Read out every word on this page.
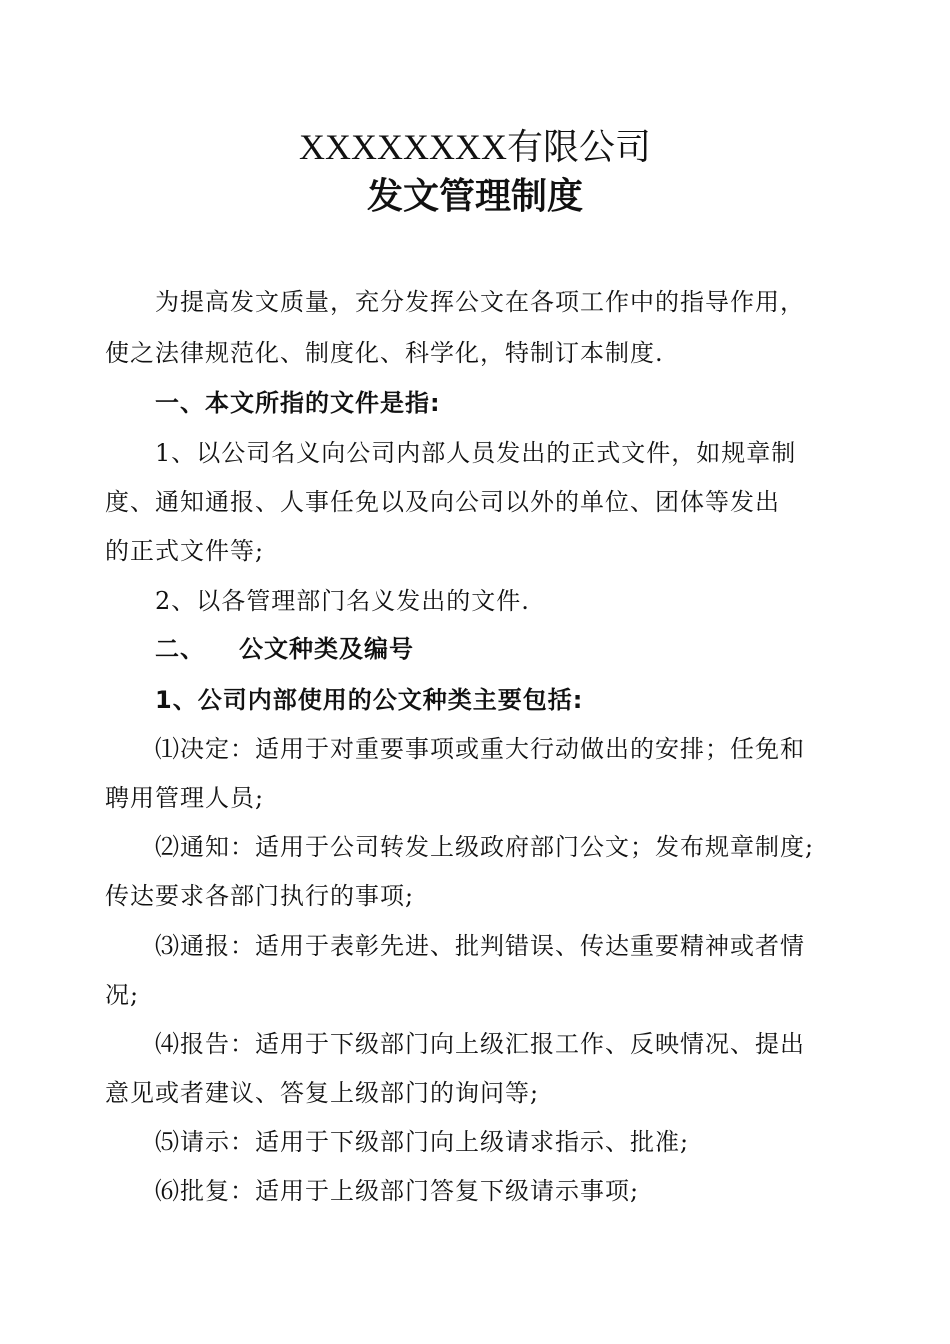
XXXXXXXX有限公司
发文管理制度
为提高发文质量，充分发挥公文在各项工作中的指导作用，
使之法律规范化、制度化、科学化，特制订本制度.
一、本文所指的文件是指:
1、以公司名义向公司内部人员发出的正式文件，如规章制
度、通知通报、人事任免以及向公司以外的单位、团体等发出
的正式文件等;
2、以各管理部门名义发出的文件.
二、 公文种类及编号
1、公司内部使用的公文种类主要包括:
⑴决定：适用于对重要事项或重大行动做出的安排；任免和
聘用管理人员;
⑵通知：适用于公司转发上级政府部门公文；发布规章制度;
传达要求各部门执行的事项;
⑶通报：适用于表彰先进、批判错误、传达重要精神或者情
况;
⑷报告：适用于下级部门向上级汇报工作、反映情况、提出
意见或者建议、答复上级部门的询问等;
⑸请示：适用于下级部门向上级请求指示、批准;
⑹批复：适用于上级部门答复下级请示事项;
